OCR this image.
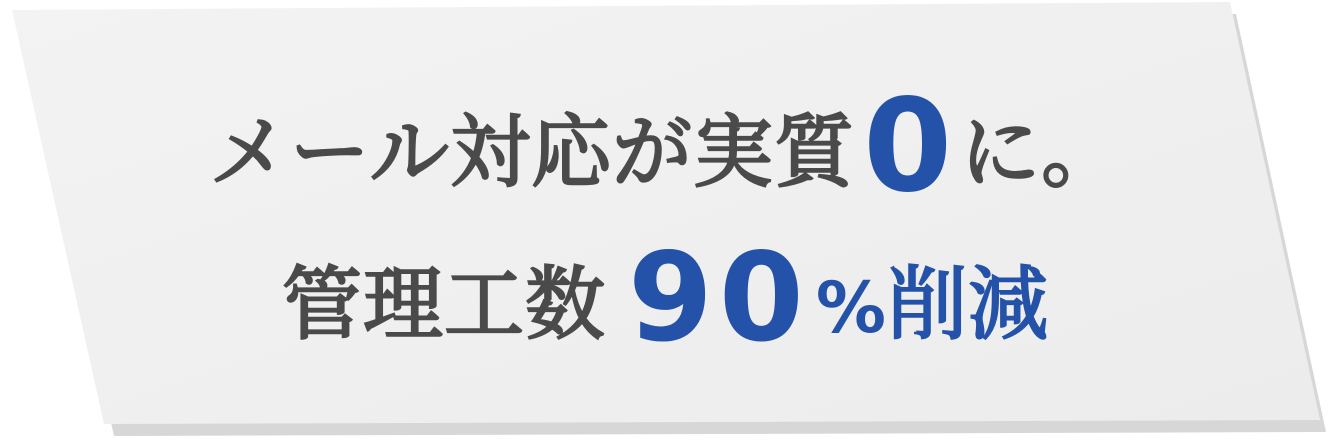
メール対応が実質0 に。
管理工数 90%削減
